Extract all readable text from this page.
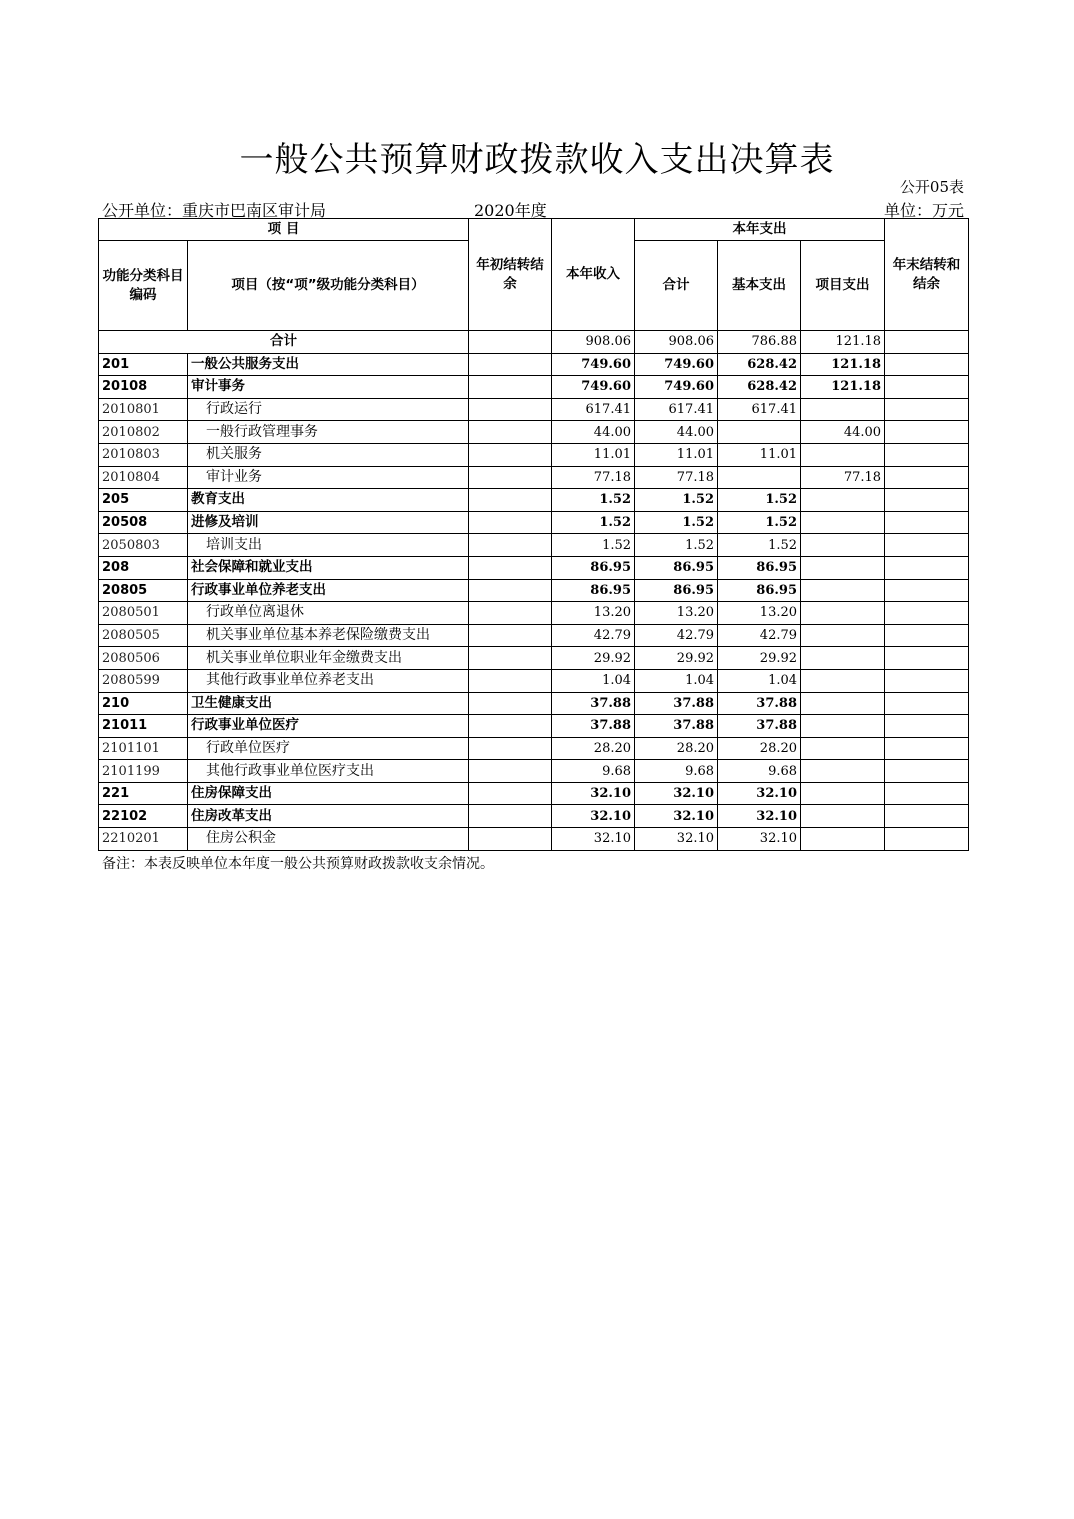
一般公共预算财政拨款收入支出决算表
公开05表
公开单位：重庆市巴南区审计局	2020年度	单位：万元
项 目		年初结转结余	本年收入	本年支出			年末结转和结余
功能分类科目编码	项目（按“项”级功能分类科目）			合计	基本支出	项目支出	
合计			908.06	908.06	786.88	121.18	
201	一般公共服务支出		749.60	749.60	628.42	121.18	
20108	审计事务		749.60	749.60	628.42	121.18	
2010801	行政运行		617.41	617.41	617.41		
2010802	一般行政管理事务		44.00	44.00		44.00	
2010803	机关服务		11.01	11.01	11.01		
2010804	审计业务		77.18	77.18		77.18	
205	教育支出		1.52	1.52	1.52		
20508	进修及培训		1.52	1.52	1.52		
2050803	培训支出		1.52	1.52	1.52		
208	社会保障和就业支出		86.95	86.95	86.95		
20805	行政事业单位养老支出		86.95	86.95	86.95		
2080501	行政单位离退休		13.20	13.20	13.20		
2080505	机关事业单位基本养老保险缴费支出		42.79	42.79	42.79		
2080506	机关事业单位职业年金缴费支出		29.92	29.92	29.92		
2080599	其他行政事业单位养老支出		1.04	1.04	1.04		
210	卫生健康支出		37.88	37.88	37.88		
21011	行政事业单位医疗		37.88	37.88	37.88		
2101101	行政单位医疗		28.20	28.20	28.20		
2101199	其他行政事业单位医疗支出		9.68	9.68	9.68		
221	住房保障支出		32.10	32.10	32.10		
22102	住房改革支出		32.10	32.10	32.10		
2210201	住房公积金		32.10	32.10	32.10		
备注：本表反映单位本年度一般公共预算财政拨款收支余情况。
